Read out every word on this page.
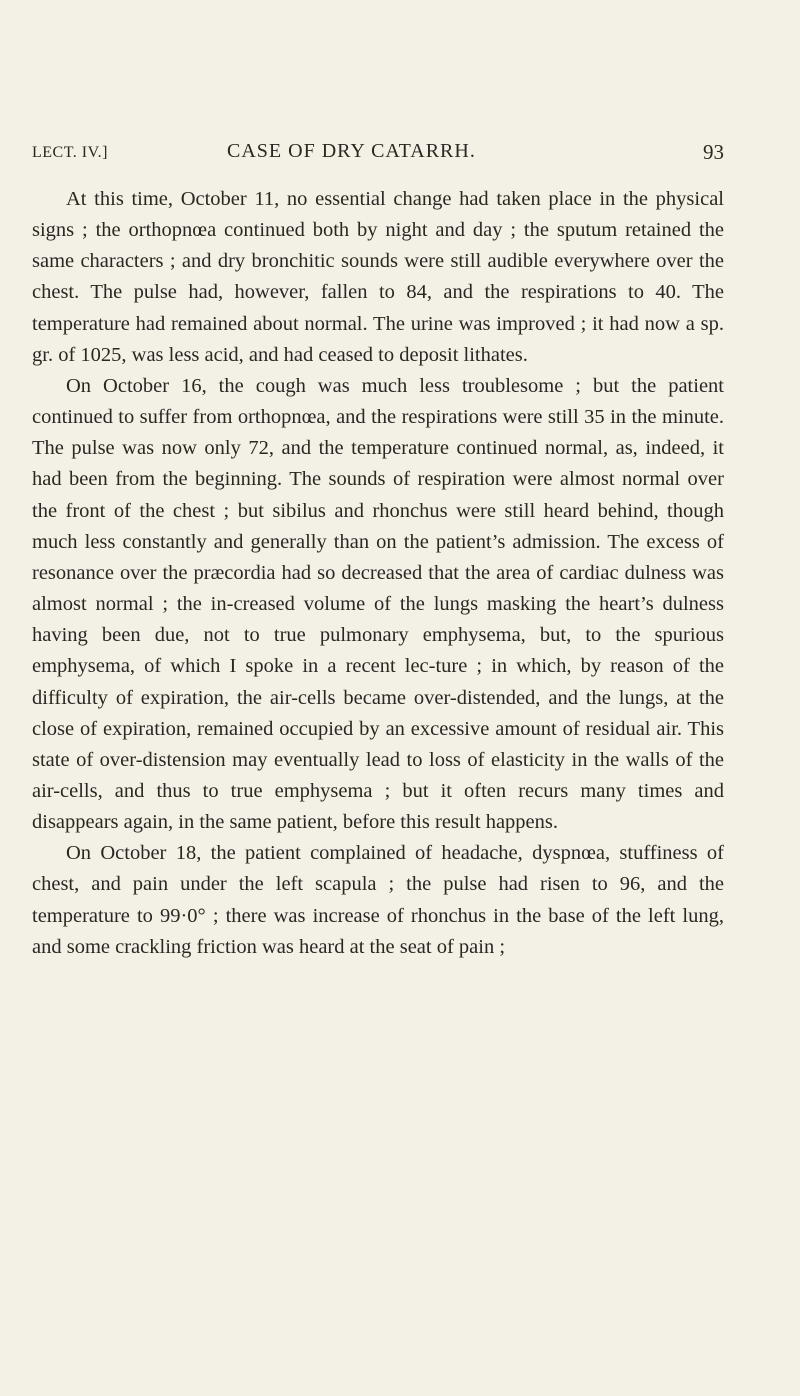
LECT. IV.]	CASE OF DRY CATARRH.	93

At this time, October 11, no essential change had taken place in the physical signs ; the orthopnœa continued both by night and day ; the sputum retained the same characters ; and dry bronchitic sounds were still audible everywhere over the chest. The pulse had, however, fallen to 84, and the respirations to 40. The temperature had remained about normal. The urine was improved ; it had now a sp. gr. of 1025, was less acid, and had ceased to deposit lithates.

On October 16, the cough was much less troublesome ; but the patient continued to suffer from orthopnœa, and the respirations were still 35 in the minute. The pulse was now only 72, and the temperature continued normal, as, indeed, it had been from the beginning. The sounds of respiration were almost normal over the front of the chest ; but sibilus and rhonchus were still heard behind, though much less constantly and generally than on the patient’s admission. The excess of resonance over the præcordia had so decreased that the area of cardiac dulness was almost normal ; the in-creased volume of the lungs masking the heart’s dulness having been due, not to true pulmonary emphysema, but, to the spurious emphysema, of which I spoke in a recent lec-ture ; in which, by reason of the difficulty of expiration, the air-cells became over-distended, and the lungs, at the close of expiration, remained occupied by an excessive amount of residual air. This state of over-distension may eventually lead to loss of elasticity in the walls of the air-cells, and thus to true emphysema ; but it often recurs many times and disappears again, in the same patient, before this result happens.

On October 18, the patient complained of headache, dyspnœa, stuffiness of chest, and pain under the left scapula ; the pulse had risen to 96, and the temperature to 99·0° ; there was increase of rhonchus in the base of the left lung, and some crackling friction was heard at the seat of pain ;
